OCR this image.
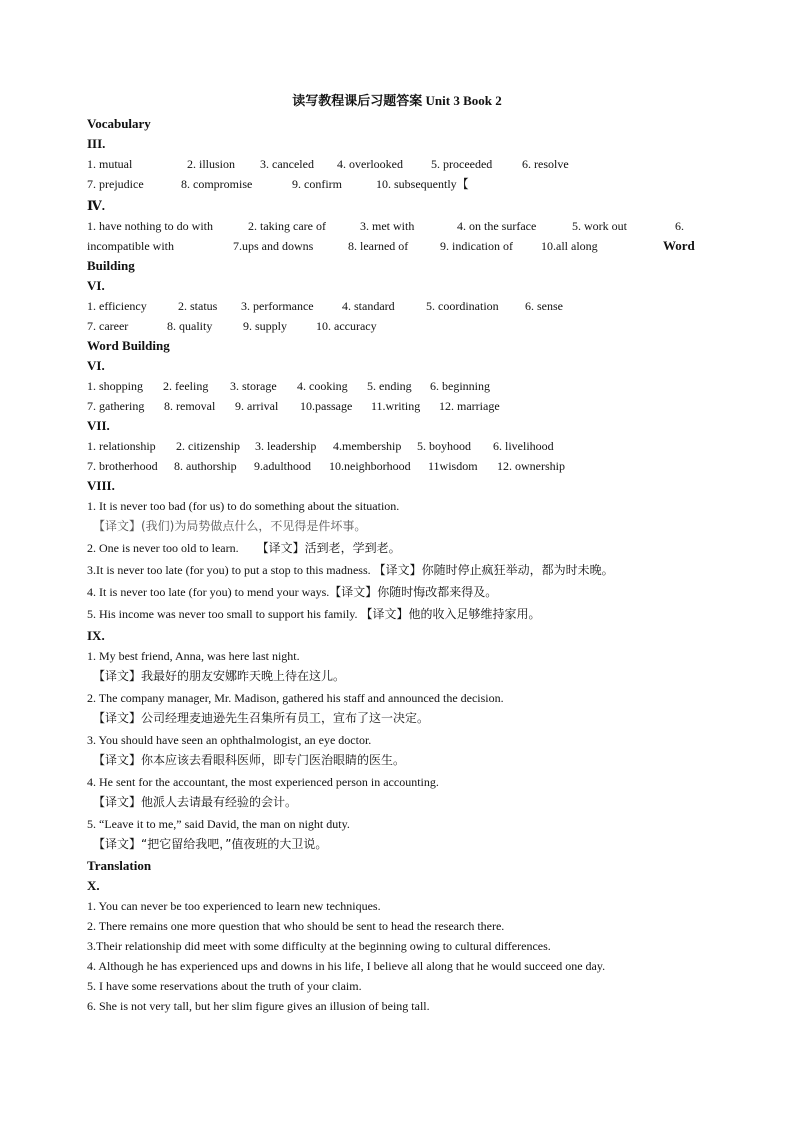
读写教程课后习题答案 Unit 3 Book 2
Vocabulary
III.
1. mutual	2. illusion 3. canceled 4. overlooked 5. proceeded 6. resolve
7. prejudice	8. compromise	9. confirm	10. subsequently【
Ⅳ.
1. have nothing to do with	2. taking care of	3. met with	4. on the surface	5. work out	6.
incompatible with	7.ups and downs	8. learned of	9. indication of 10.all along	Word
Building
VI.
1. efficiency	2. status 3. performance 4. standard	5. coordination 6. sense
7. career	8. quality	9. supply 10. accuracy
Word Building
VI.
1. shopping 2. feeling 3. storage 4. cooking 5. ending 6. beginning
7. gathering 8. removal 9. arrival 10.passage 11.writing 12. marriage
VII.
1. relationship 2. citizenship 3. leadership 4.membership 5. boyhood 6. livelihood
7. brotherhood 8. authorship 9.adulthood 10.neighborhood 11wisdom 12. ownership
VIII.
1. It is never too bad (for us) to do something about the situation.
【译文】(我们)为局势做点什么，不见得是件坏事。
2. One is never too old to learn. 【译文】活到老，学到老。
3.It is never too late (for you) to put a stop to this madness. 【译文】你随时停止疯狂举动，都为时未晚。
4. It is never too late (for you) to mend your ways.【译文】你随时悔改都来得及。
5. His income was never too small to support his family. 【译文】他的收入足够维持家用。
IX.
1. My best friend, Anna, was here last night.
【译文】我最好的朋友安娜昨天晚上待在这儿。
2. The company manager, Mr. Madison, gathered his staff and announced the decision.
【译文】公司经理麦迪逊先生召集所有员工，宣布了这一决定。
3. You should have seen an ophthalmologist, an eye doctor.
【译文】你本应该去看眼科医师，即专门医治眼睛的医生。
4. He sent for the accountant, the most experienced person in accounting.
【译文】他派人去请最有经验的会计。
5. “Leave it to me,” said David, the man on night duty.
【译文】“把它留给我吧，”值夜班的大卫说。
Translation
X.
1. You can never be too experienced to learn new techniques.
2. There remains one more question that who should be sent to head the research there.
3.Their relationship did meet with some difficulty at the beginning owing to cultural differences.
4. Although he has experienced ups and downs in his life, I believe all along that he would succeed one day.
5. I have some reservations about the truth of your claim.
6. She is not very tall, but her slim figure gives an illusion of being tall.
